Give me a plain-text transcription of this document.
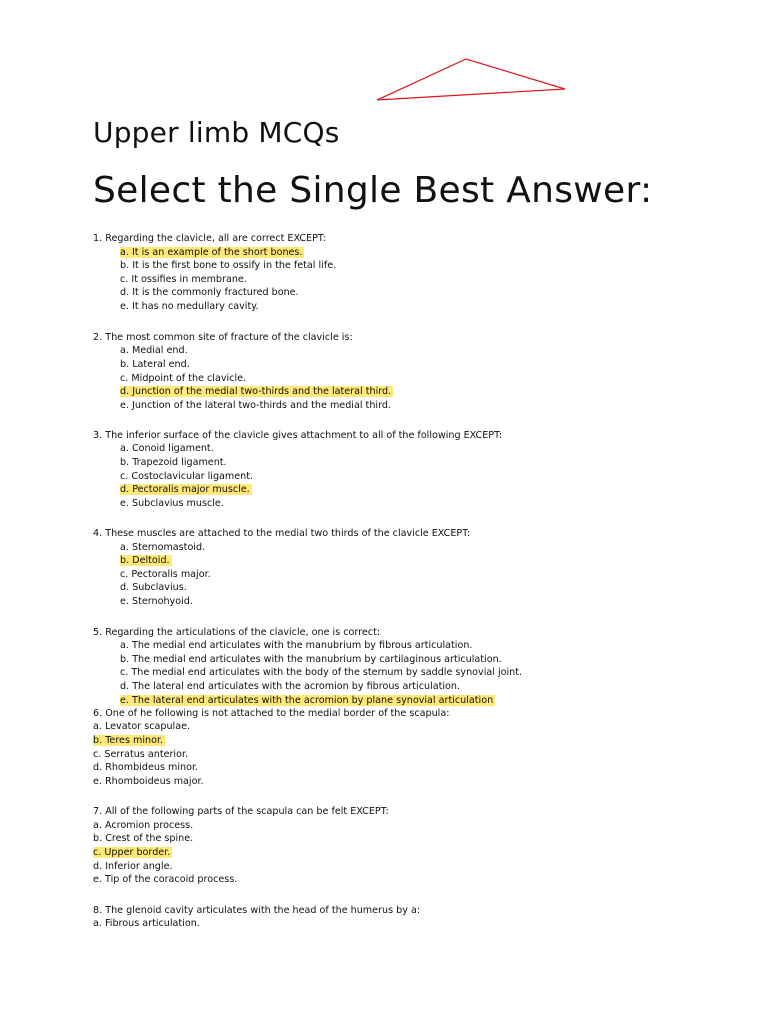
Upper limb MCQs
Select the Single Best Answer:
1. Regarding the clavicle, all are correct EXCEPT:
a. It is an example of the short bones.
b. It is the first bone to ossify in the fetal life.
c. It ossifies in membrane.
d. It is the commonly fractured bone.
e. It has no medullary cavity.
2. The most common site of fracture of the clavicle is:
a. Medial end.
b. Lateral end.
c. Midpoint of the clavicle.
d. Junction of the medial two-thirds and the lateral third.
e. Junction of the lateral two-thirds and the medial third.
3. The inferior surface of the clavicle gives attachment to all of the following EXCEPT:
a. Conoid ligament.
b. Trapezoid ligament.
c. Costoclavicular ligament.
d. Pectoralis major muscle.
e. Subclavius muscle.
4. These muscles are attached to the medial two thirds of the clavicle EXCEPT:
a. Sternomastoid.
b. Deltoid.
c. Pectoralis major.
d. Subclavius.
e. Sternohyoid.
5. Regarding the articulations of the clavicle, one is correct:
a. The medial end articulates with the manubrium by fibrous articulation.
b. The medial end articulates with the manubrium by cartilaginous articulation.
c. The medial end articulates with the body of the sternum by saddle synovial joint.
d. The lateral end articulates with the acromion by fibrous articulation.
e. The lateral end articulates with the acromion by plane synovial articulation
6. One of he following is not attached to the medial border of the scapula:
a. Levator scapulae.
b. Teres minor.
c. Serratus anterior.
d. Rhombideus minor.
e. Rhomboideus major.
7. All of the following parts of the scapula can be felt EXCEPT:
a. Acromion process.
b. Crest of the spine.
c. Upper border.
d. Inferior angle.
e. Tip of the coracoid process.
8. The glenoid cavity articulates with the head of the humerus by a:
a. Fibrous articulation.
